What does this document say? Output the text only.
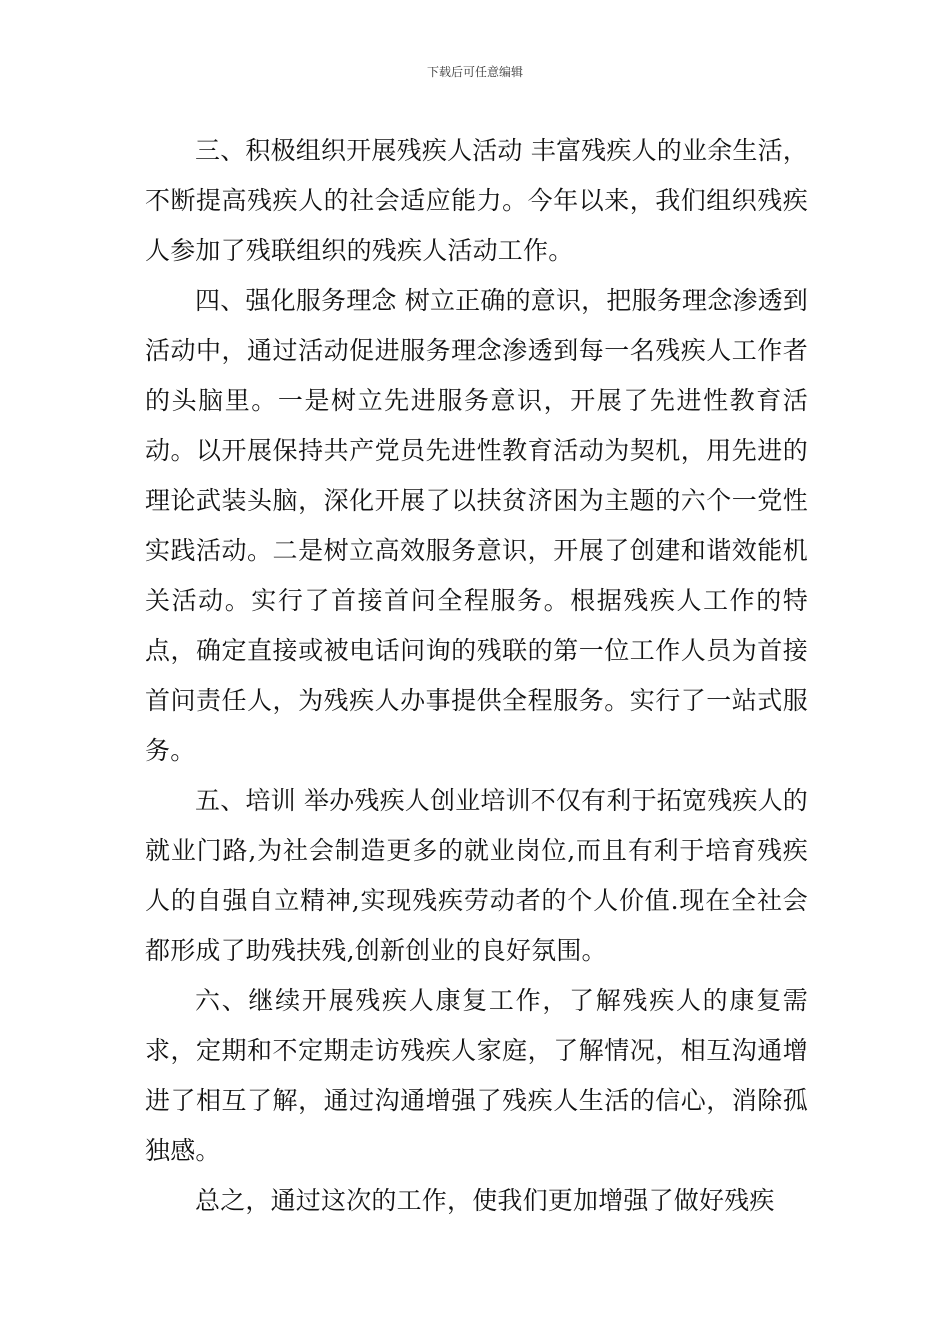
下载后可任意编辑

三、积极组织开展残疾人活动 丰富残疾人的业余生活，不断提高残疾人的社会适应能力。今年以来，我们组织残疾人参加了残联组织的残疾人活动工作。

四、强化服务理念 树立正确的意识，把服务理念渗透到活动中，通过活动促进服务理念渗透到每一名残疾人工作者的头脑里。一是树立先进服务意识，开展了先进性教育活动。以开展保持共产党员先进性教育活动为契机，用先进的理论武装头脑，深化开展了以扶贫济困为主题的六个一党性实践活动。二是树立高效服务意识，开展了创建和谐效能机关活动。实行了首接首问全程服务。根据残疾人工作的特点，确定直接或被电话问询的残联的第一位工作人员为首接首问责任人，为残疾人办事提供全程服务。实行了一站式服务。

五、培训 举办残疾人创业培训不仅有利于拓宽残疾人的就业门路,为社会制造更多的就业岗位,而且有利于培育残疾人的自强自立精神,实现残疾劳动者的个人价值.现在全社会都形成了助残扶残,创新创业的良好氛围。

六、继续开展残疾人康复工作，了解残疾人的康复需求，定期和不定期走访残疾人家庭，了解情况，相互沟通增进了相互了解，通过沟通增强了残疾人生活的信心，消除孤独感。

总之，通过这次的工作，使我们更加增强了做好残疾
